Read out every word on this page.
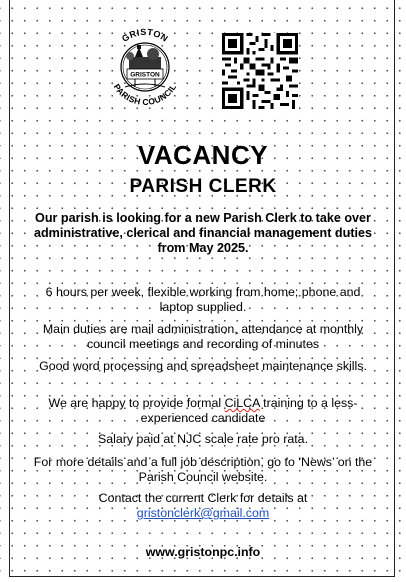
GRISTON
GRISTON
PARISH COUNCIL
VACANCY
PARISH CLERK
Our parish is looking for a new Parish Clerk to take over administrative, clerical and financial management duties from May 2025.
6 hours per week, flexible working from home; phone and laptop supplied.
Main duties are mail administration, attendance at monthly council meetings and recording of minutes
Good word processing and spreadsheet maintenance skills.
We are happy to provide formal CiLCA training to a less-experienced candidate
Salary paid at NJC scale rate pro rata.
For more details and a full job description, go to ‘News’ on the Parish Council website.
Contact the current Clerk for details at
gristonclerk@gmail.com
www.gristonpc.info
